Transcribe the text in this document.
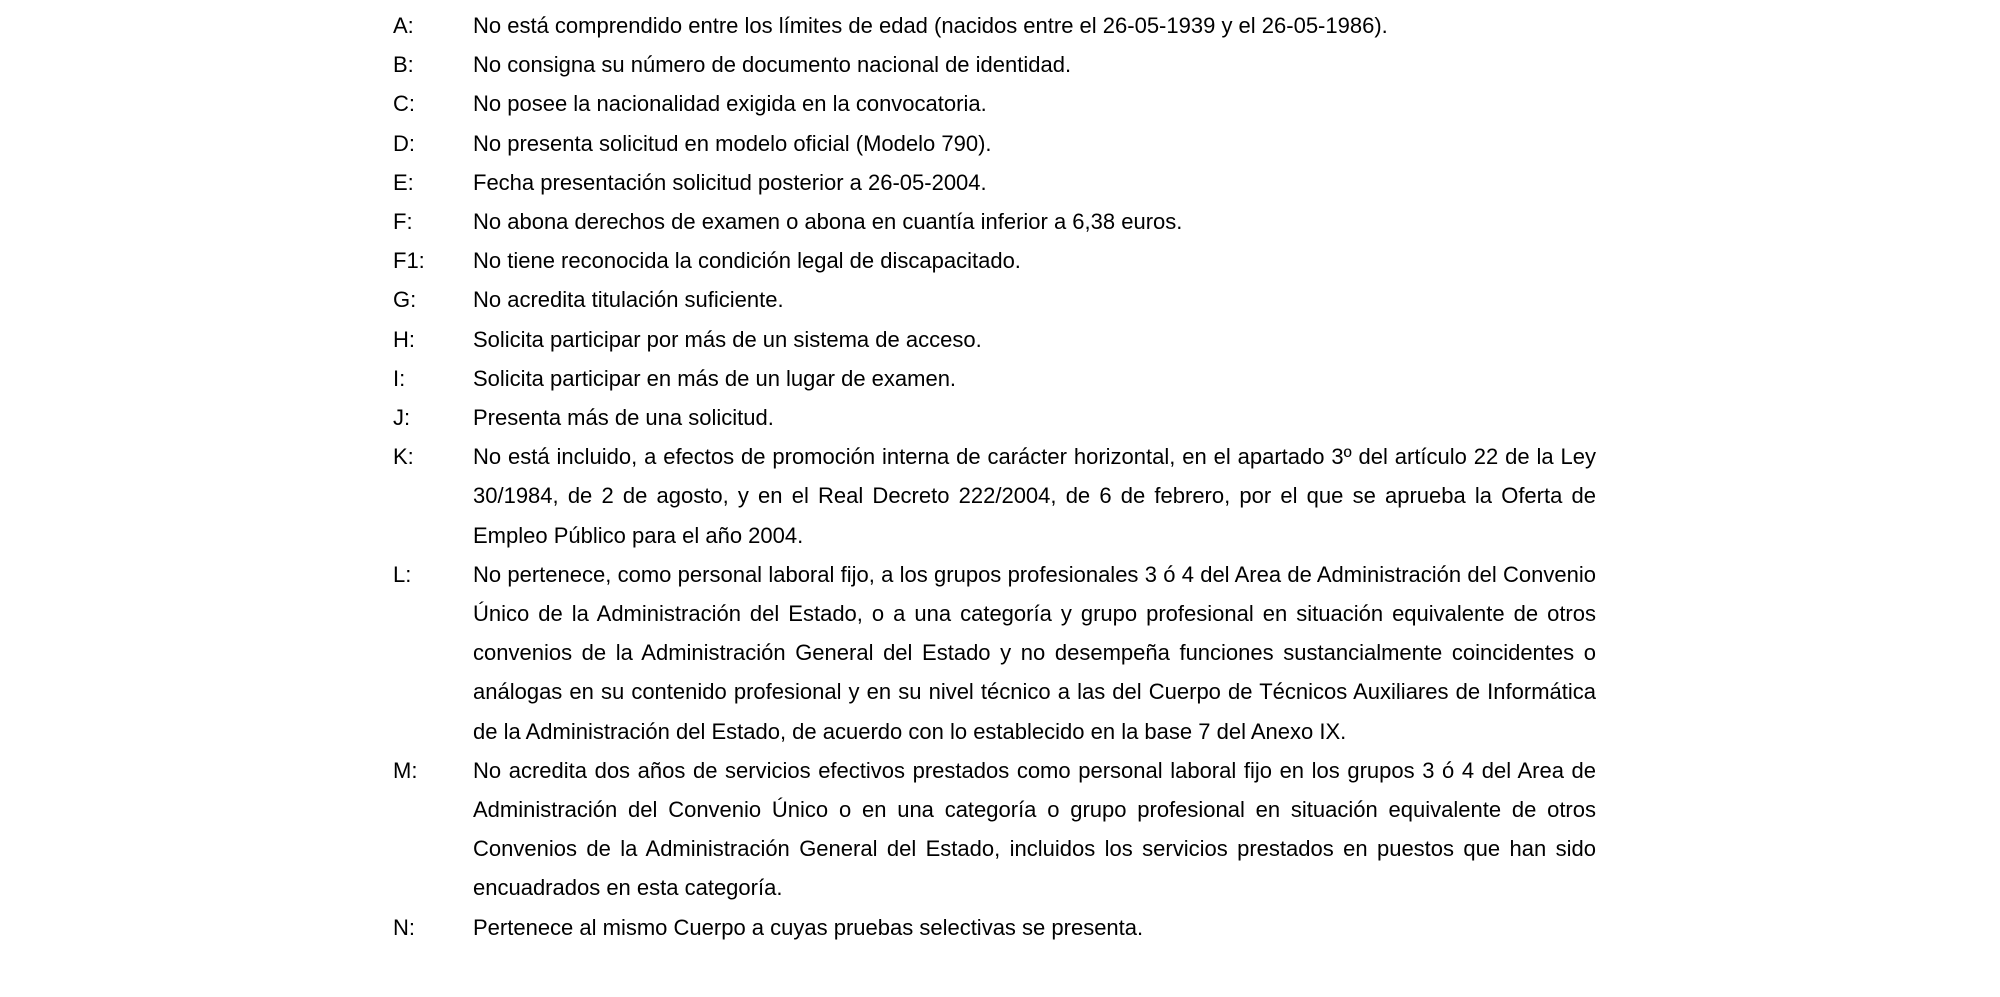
A:	No está comprendido entre los límites de edad (nacidos entre el 26-05-1939 y el 26-05-1986).
B:	No consigna su número de documento nacional de identidad.
C:	No posee la nacionalidad exigida en la convocatoria.
D:	No presenta solicitud en modelo oficial (Modelo 790).
E:	Fecha presentación solicitud posterior a 26-05-2004.
F:	No abona derechos de examen o abona en cuantía inferior a 6,38 euros.
F1:	No tiene reconocida la condición legal de discapacitado.
G:	No acredita titulación suficiente.
H:	Solicita participar por más de un sistema de acceso.
I:	Solicita participar en más de un lugar de examen.
J:	Presenta más de una solicitud.
K:	No está incluido, a efectos de promoción interna de carácter horizontal, en el apartado 3º del artículo 22 de la Ley 30/1984, de 2 de agosto, y en el Real Decreto 222/2004, de 6 de febrero, por el que se aprueba la Oferta de Empleo Público para el año 2004.
L:	No pertenece, como personal laboral fijo, a los grupos profesionales 3 ó 4 del Area de Administración del Convenio Único de la Administración del Estado, o a una categoría y grupo profesional en situación equivalente de otros convenios de la Administración General del Estado y no desempeña funciones sustancialmente coincidentes o análogas en su contenido profesional y en su nivel técnico a las del Cuerpo de Técnicos Auxiliares de Informática de la Administración del Estado, de acuerdo con lo establecido en la base 7 del Anexo IX.
M:	No acredita dos años de servicios efectivos prestados como personal laboral fijo en los grupos 3 ó 4 del Area de Administración del Convenio Único o en una categoría o grupo profesional en situación equivalente de otros Convenios de la Administración General del Estado, incluidos los servicios prestados en puestos que han sido encuadrados en esta categoría.
N:	Pertenece al mismo Cuerpo a cuyas pruebas selectivas se presenta.
